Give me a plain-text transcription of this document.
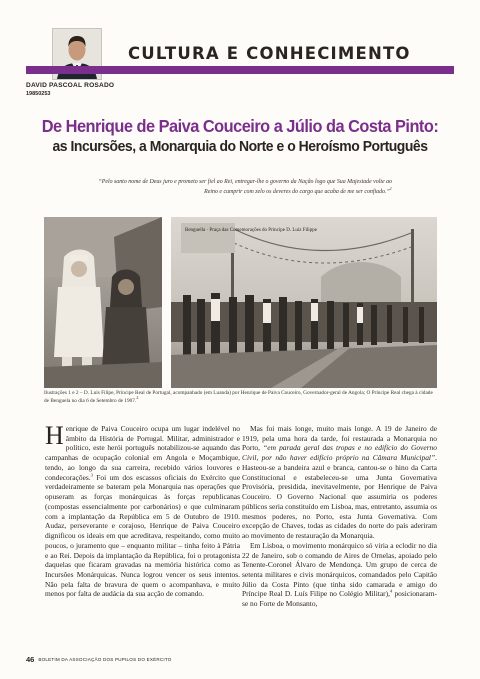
CULTURA E CONHECIMENTO
DAVID PASCOAL ROSADO
19850253
De Henrique de Paiva Couceiro a Júlio da Costa Pinto:
as Incursões, a Monarquia do Norte e o Heroísmo Português
“Pelo santo nome de Deus juro e prometo ser fiel ao Rei, entregar-lhe o governo da Nação logo que Sua Majestade volte ao Reino e cumprir com zelo os deveres do cargo que acaba de me ser confiado.”$^1$
Benguella · Praça das Comemorações do Principe D. Luiz Filippe
Ilustrações 1 e 2 – D. Luís Filipe, Príncipe Real de Portugal, acompanhado (em Luanda) por Henrique de Paiva Couceiro, Governador-geral de Angola; O Príncipe Real chega à cidade de Benguela no dia 6 de Setembro de 1907.$^2$

Henrique de Paiva Couceiro ocupa um lugar indelével no âmbito da História de Portugal. Militar, administrador e político, este herói português notabilizou-se aquando das campanhas de ocupação colonial em Angola e Moçambique, tendo, ao longo da sua carreira, recebido vários louvores e condecorações.$^3$ Foi um dos escassos oficiais do Exército que verdadeiramente se bateram pela Monarquia nas operações que opuseram as forças monárquicas às forças republicanas (compostas essencialmente por carbonários) e que culminaram com a implantação da República em 5 de Outubro de 1910. Audaz, perseverante e corajoso, Henrique de Paiva Couceiro dignificou os ideais em que acreditava, respeitando, como muito poucos, o juramento que – enquanto militar – tinha feito à Pátria e ao Rei. Depois da implantação da República, foi o protagonista daquelas que ficaram gravadas na memória histórica como as Incursões Monárquicas. Nunca logrou vencer os seus intentos. Não pela falta de bravura de quem o acompanhava, e muito menos por falta de audácia da sua acção de comando.

Mas foi mais longe, muito mais longe. A 19 de Janeiro de 1919, pela uma hora da tarde, foi restaurada a Monarquia no Porto, “em parada geral das tropas e no edifício do Governo Civil, por não haver edifício próprio na Câmara Municipal”. Hasteou-se a bandeira azul e branca, cantou-se o hino da Carta Constitucional e estabeleceu-se uma Junta Governativa Provisória, presidida, inevitavelmente, por Henrique de Paiva Couceiro. O Governo Nacional que assumiria os poderes públicos seria constituído em Lisboa, mas, entretanto, assumia os mesmos poderes, no Porto, esta Junta Governativa. Com excepção de Chaves, todas as cidades do norte do país aderiram ao movimento de restauração da Monarquia.

Em Lisboa, o movimento monárquico só viria a eclodir no dia 22 de Janeiro, sob o comando de Aires de Ornelas, apoiado pelo Tenente-Coronel Álvaro de Mendonça. Um grupo de cerca de setenta militares e civis monárquicos, comandados pelo Capitão Júlio da Costa Pinto (que tinha sido camarada e amigo do Príncipe Real D. Luís Filipe no Colégio Militar),$^4$ posicionaram-se no Forte de Monsanto,

46 BOLETIM DA ASSOCIAÇÃO DOS PUPILOS DO EXÉRCITO
